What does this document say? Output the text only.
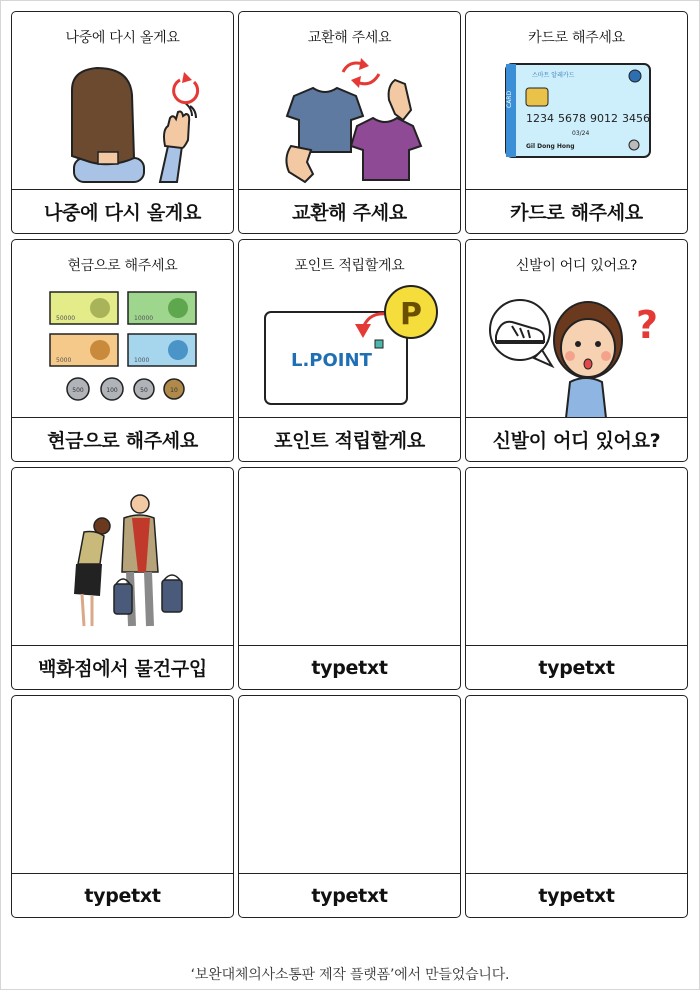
나중에 다시 올게요
나중에 다시 올게요
교환해 주세요
교환해 주세요
카드로 해주세요
CARD
스마트 알레카드
1234 5678 9012 3456
03/24
Gil Dong Hong
카드로 해주세요
현금으로 해주세요
50000	10000
5000	1000
500	100	50	10
현금으로 해주세요
포인트 적립할게요
L.POINT
P
포인트 적립할게요
신발이 어디 있어요?
?
신발이 어디 있어요?
백화점에서 물건구입	typetxt	typetxt
typetxt	typetxt	typetxt
‘보완대체의사소통판 제작 플랫폼’에서 만들었습니다.
